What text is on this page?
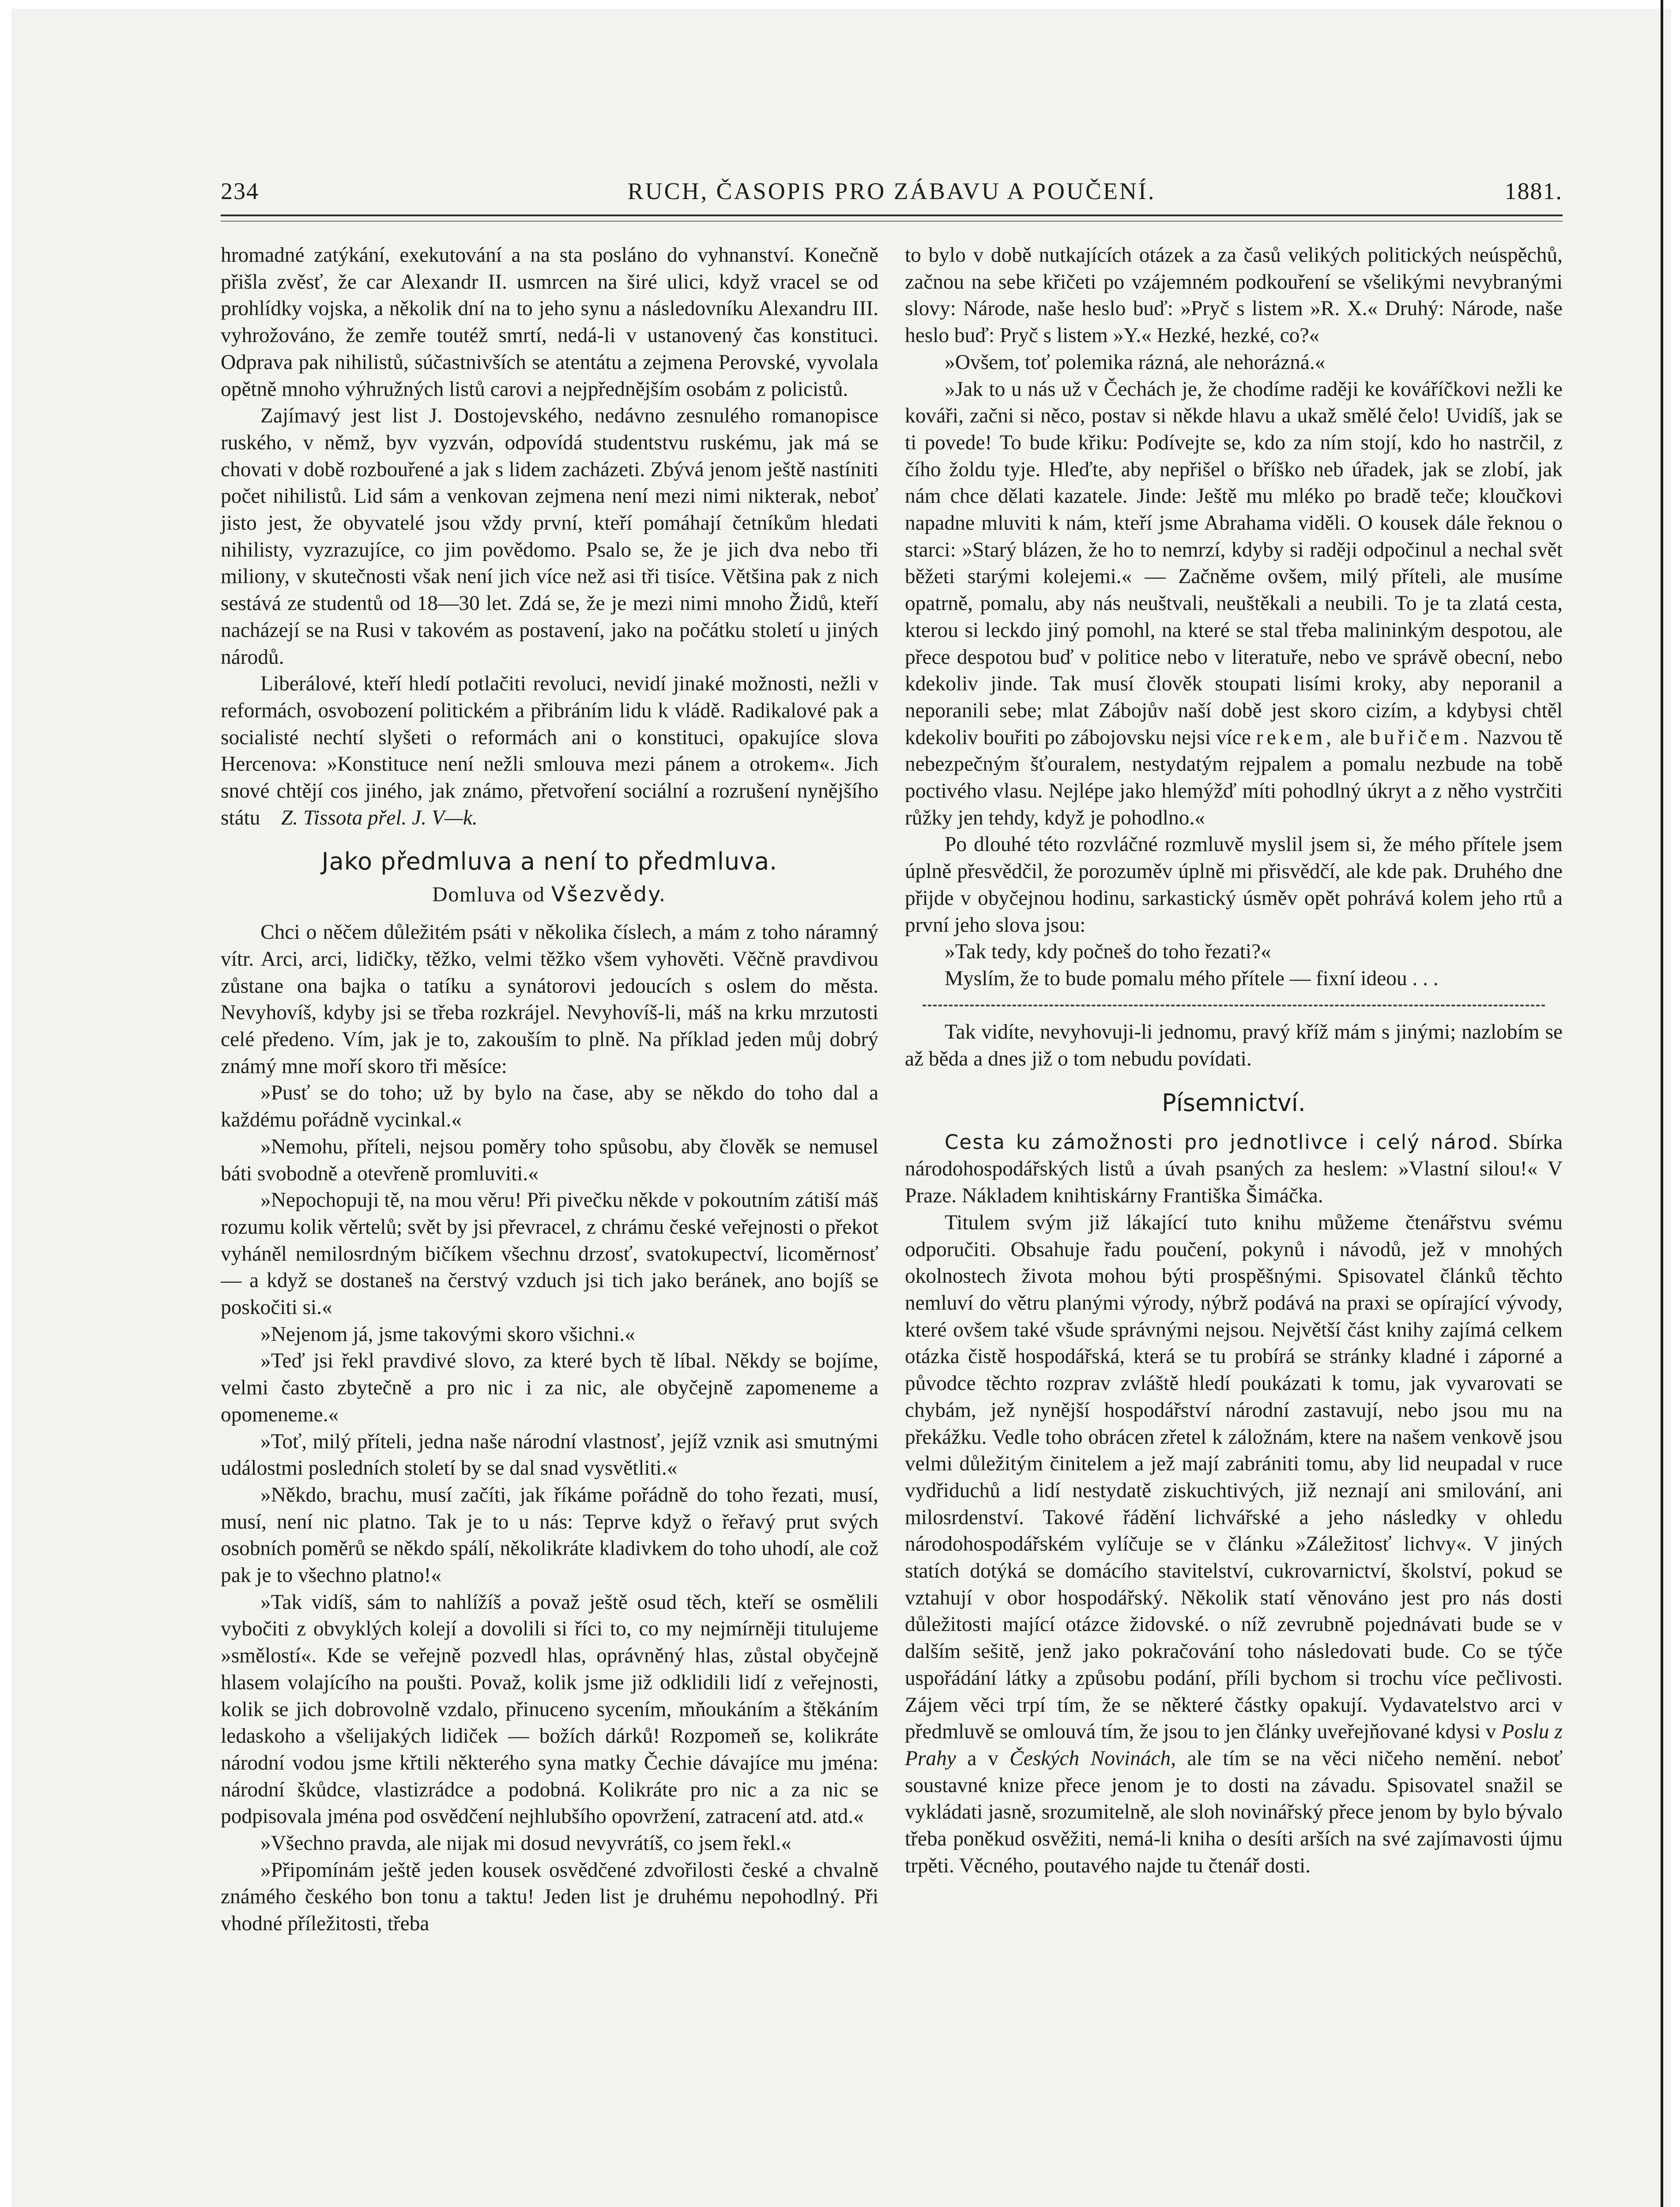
234	RUCH, ČASOPIS PRO ZÁBAVU A POUČENÍ.	1881.

hromadné zatýkání, exekutování a na sta posláno do vyhnanství. Konečně přišla zvěsť, že car Alexandr II. usmrcen na širé ulici, když vracel se od prohlídky vojska, a několik dní na to jeho synu a následovníku Alexandru III. vyhrožováno, že zemře toutéž smrtí, nedá-li v ustanovený čas konstituci. Odprava pak nihilistů, súčastnivších se atentátu a zejmena Perovské, vyvolala opětně mnoho výhružných listů carovi a nejpřednějším osobám z policistů.

Zajímavý jest list J. Dostojevského, nedávno zesnulého romanopisce ruského, v němž, byv vyzván, odpovídá studentstvu ruskému, jak má se chovati v době rozbouřené a jak s lidem zacházeti. Zbývá jenom ještě nastíniti počet nihilistů. Lid sám a venkovan zejmena není mezi nimi nikterak, neboť jisto jest, že obyvatelé jsou vždy první, kteří pomáhají četníkům hledati nihilisty, vyzrazujíce, co jim povědomo. Psalo se, že je jich dva nebo tři miliony, v skutečnosti však není jich více než asi tři tisíce. Většina pak z nich sestává ze studentů od 18—30 let. Zdá se, že je mezi nimi mnoho Židů, kteří nacházejí se na Rusi v takovém as postavení, jako na počátku století u jiných národů.

Liberálové, kteří hledí potlačiti revoluci, nevidí jinaké možnosti, nežli v reformách, osvobození politickém a přibráním lidu k vládě. Radikalové pak a socialisté nechtí slyšeti o reformách ani o konstituci, opakujíce slova Hercenova: »Konstituce není nežli smlouva mezi pánem a otrokem«. Jich snové chtějí cos jiného, jak známo, přetvoření sociální a rozrušení nynějšího státu Z. Tissota přel. J. V—k.

Jako předmluva a není to předmluva.
Domluva od Všezvědy.

Chci o něčem důležitém psáti v několika číslech, a mám z toho náramný vítr. Arci, arci, lidičky, těžko, velmi těžko všem vyhověti. Věčně pravdivou zůstane ona bajka o tatíku a synátorovi jedoucích s oslem do města. Nevyhovíš, kdyby jsi se třeba rozkrájel. Nevyhovíš-li, máš na krku mrzutosti celé předeno. Vím, jak je to, zakouším to plně. Na příklad jeden můj dobrý známý mne moří skoro tři měsíce:

»Pusť se do toho; už by bylo na čase, aby se někdo do toho dal a každému pořádně vycinkal.«

»Nemohu, příteli, nejsou poměry toho spůsobu, aby člověk se nemusel báti svobodně a otevřeně promluviti.«

»Nepochopuji tě, na mou věru! Při pivečku někde v pokoutním zátiší máš rozumu kolik věrtelů; svět by jsi převracel, z chrámu české veřejnosti o překot vyháněl nemilosrdným bičíkem všechnu drzosť, svatokupectví, licoměrnosť — a když se dostaneš na čerstvý vzduch jsi tich jako beránek, ano bojíš se poskočiti si.«

»Nejenom já, jsme takovými skoro všichni.«

»Teď jsi řekl pravdivé slovo, za které bych tě líbal. Někdy se bojíme, velmi často zbytečně a pro nic i za nic, ale obyčejně zapomeneme a opomeneme.«

»Toť, milý příteli, jedna naše národní vlastnosť, jejíž vznik asi smutnými událostmi posledních století by se dal snad vysvětliti.«

»Někdo, brachu, musí začíti, jak říkáme pořádně do toho řezati, musí, musí, není nic platno. Tak je to u nás: Teprve když o řeřavý prut svých osobních poměrů se někdo spálí, několikráte kladivkem do toho uhodí, ale což pak je to všechno platno!«

»Tak vidíš, sám to nahlížíš a považ ještě osud těch, kteří se osmělili vybočiti z obvyklých kolejí a dovolili si říci to, co my nejmírněji titulujeme »smělostí«. Kde se veřejně pozvedl hlas, oprávněný hlas, zůstal obyčejně hlasem volajícího na poušti. Považ, kolik jsme již odklidili lidí z veřejnosti, kolik se jich dobrovolně vzdalo, přinuceno sycením, mňoukáním a štěkáním ledaskoho a všelijakých lidiček — božích dárků! Rozpomeň se, kolikráte národní vodou jsme křtili některého syna matky Čechie dávajíce mu jména: národní škůdce, vlastizrádce a podobná. Kolikráte pro nic a za nic se podpisovala jména pod osvědčení nejhlubšího opovržení, zatracení atd. atd.«

»Všechno pravda, ale nijak mi dosud nevyvrátíš, co jsem řekl.«

»Připomínám ještě jeden kousek osvědčené zdvořilosti české a chvalně známého českého bon tonu a taktu! Jeden list je druhému nepohodlný. Při vhodné příležitosti, třeba

to bylo v době nutkajících otázek a za časů velikých politických neúspěchů, začnou na sebe křičeti po vzájemném podkouření se všelikými nevybranými slovy: Národe, naše heslo buď: »Pryč s listem »R. X.« Druhý: Národe, naše heslo buď: Pryč s listem »Y.« Hezké, hezké, co?«

»Ovšem, toť polemika rázná, ale nehorázná.«

»Jak to u nás už v Čechách je, že chodíme raději ke kováříčkovi nežli ke kováři, začni si něco, postav si někde hlavu a ukaž smělé čelo! Uvidíš, jak se ti povede! To bude křiku: Podívejte se, kdo za ním stojí, kdo ho nastrčil, z čího žoldu tyje. Hleďte, aby nepřišel o bříško neb úřadek, jak se zlobí, jak nám chce dělati kazatele. Jinde: Ještě mu mléko po bradě teče; kloučkovi napadne mluviti k nám, kteří jsme Abrahama viděli. O kousek dále řeknou o starci: »Starý blázen, že ho to nemrzí, kdyby si raději odpočinul a nechal svět běžeti starými kolejemi.« — Začněme ovšem, milý příteli, ale musíme opatrně, pomalu, aby nás neuštvali, neuštěkali a neubili. To je ta zlatá cesta, kterou si leckdo jiný pomohl, na které se stal třeba malininkým despotou, ale přece despotou buď v politice nebo v literatuře, nebo ve správě obecní, nebo kdekoliv jinde. Tak musí člověk stoupati lisími kroky, aby neporanil a neporanili sebe; mlat Zábojův naší době jest skoro cizím, a kdybysi chtěl kdekoliv bouřiti po zábojovsku nejsi více rekem, ale buřičem. Nazvou tě nebezpečným šťouralem, nestydatým rejpalem a pomalu nezbude na tobě poctivého vlasu. Nejlépe jako hlemýžď míti pohodlný úkryt a z něho vystrčiti růžky jen tehdy, když je pohodlno.«

Po dlouhé této rozvláčné rozmluvě myslil jsem si, že mého přítele jsem úplně přesvědčil, že porozuměv úplně mi přisvědčí, ale kde pak. Druhého dne přijde v obyčejnou hodinu, sarkastický úsměv opět pohrává kolem jeho rtů a první jeho slova jsou:

»Tak tedy, kdy počneš do toho řezati?«

Myslím, že to bude pomalu mého přítele — fixní ideou . . .

Tak vidíte, nevyhovuji-li jednomu, pravý kříž mám s jinými; nazlobím se až běda a dnes již o tom nebudu povídati.

Písemnictví.

Cesta ku zámožnosti pro jednotlivce i celý národ. Sbírka národohospodářských listů a úvah psaných za heslem: »Vlastní silou!« V Praze. Nákladem knihtiskárny Františka Šimáčka.

Titulem svým již lákající tuto knihu můžeme čtenářstvu svému odporučiti. Obsahuje řadu poučení, pokynů i návodů, jež v mnohých okolnostech života mohou býti prospěšnými. Spisovatel článků těchto nemluví do větru planými výrody, nýbrž podává na praxi se opírající vývody, které ovšem také všude správnými nejsou. Největší část knihy zajímá celkem otázka čistě hospodářská, která se tu probírá se stránky kladné i záporné a původce těchto rozprav zvláště hledí poukázati k tomu, jak vyvarovati se chybám, jež nynější hospodářství národní zastavují, nebo jsou mu na překážku. Vedle toho obrácen zřetel k záložnám, ktere na našem venkově jsou velmi důležitým činitelem a jež mají zabrániti tomu, aby lid neupadal v ruce vydřiduchů a lidí nestydatě ziskuchtivých, již neznají ani smilování, ani milosrdenství. Takové řádění lichvářské a jeho následky v ohledu národohospodářském vylíčuje se v článku »Záležitosť lichvy«. V jiných statích dotýká se domácího stavitelství, cukrovarnictví, školství, pokud se vztahují v obor hospodářský. Několik statí věnováno jest pro nás dosti důležitosti mající otázce židovské. o níž zevrubně pojednávati bude se v dalším sešitě, jenž jako pokračování toho následovati bude. Co se týče uspořádání látky a způsobu podání, příli bychom si trochu více pečlivosti. Zájem věci trpí tím, že se některé částky opakují. Vydavatelstvo arci v předmluvě se omlouvá tím, že jsou to jen články uveřejňované kdysi v Poslu z Prahy a v Českých Novinách, ale tím se na věci ničeho nemění. neboť soustavné knize přece jenom je to dosti na závadu. Spisovatel snažil se vykládati jasně, srozumitelně, ale sloh novinářský přece jenom by bylo bývalo třeba poněkud osvěžiti, nemá-li kniha o desíti arších na své zajímavosti újmu trpěti. Věcného, poutavého najde tu čtenář dosti.
